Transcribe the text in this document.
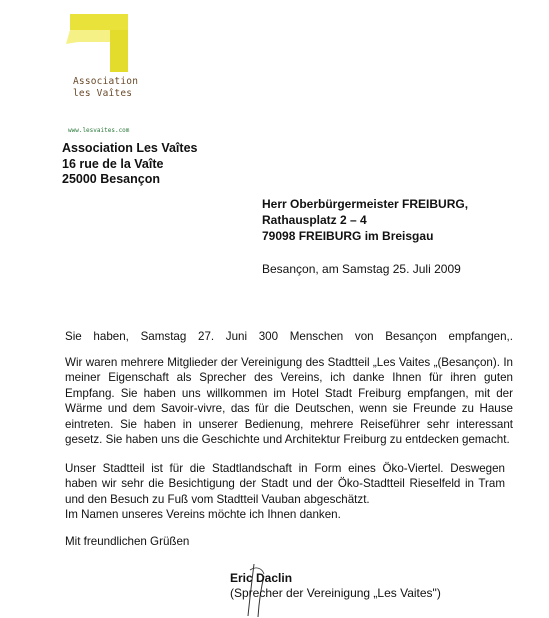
Association
les Vaîtes
www.lesvaites.com
Association Les Vaîtes
16 rue de la Vaîte
25000 Besançon
Herr Oberbürgermeister FREIBURG,
Rathausplatz 2 – 4
79098 FREIBURG im Breisgau
Besançon, am Samstag 25. Juli 2009
Sie haben, Samstag 27. Juni 300 Menschen von Besançon empfangen,.
Wir waren mehrere Mitglieder der Vereinigung des Stadtteil „Les Vaites „(Besançon). In meiner Eigenschaft als Sprecher des Vereins, ich danke Ihnen für ihren guten Empfang. Sie haben uns willkommen im Hotel Stadt Freiburg empfangen, mit der Wärme und dem Savoir-vivre, das für die Deutschen, wenn sie Freunde zu Hause eintreten. Sie haben in unserer Bedienung, mehrere Reiseführer sehr interessant gesetz. Sie haben uns die Geschichte und Architektur Freiburg zu entdecken gemacht.
Unser Stadtteil ist für die Stadtlandschaft in Form eines Öko-Viertel. Deswegen haben wir sehr die Besichtigung der Stadt und der Öko-Stadtteil Rieselfeld in Tram und den Besuch zu Fuß vom Stadtteil Vauban abgeschätzt.
Im Namen unseres Vereins möchte ich Ihnen danken.
Mit freundlichen Grüßen
Eric Daclin
(Sprecher der Vereinigung „Les Vaites")
